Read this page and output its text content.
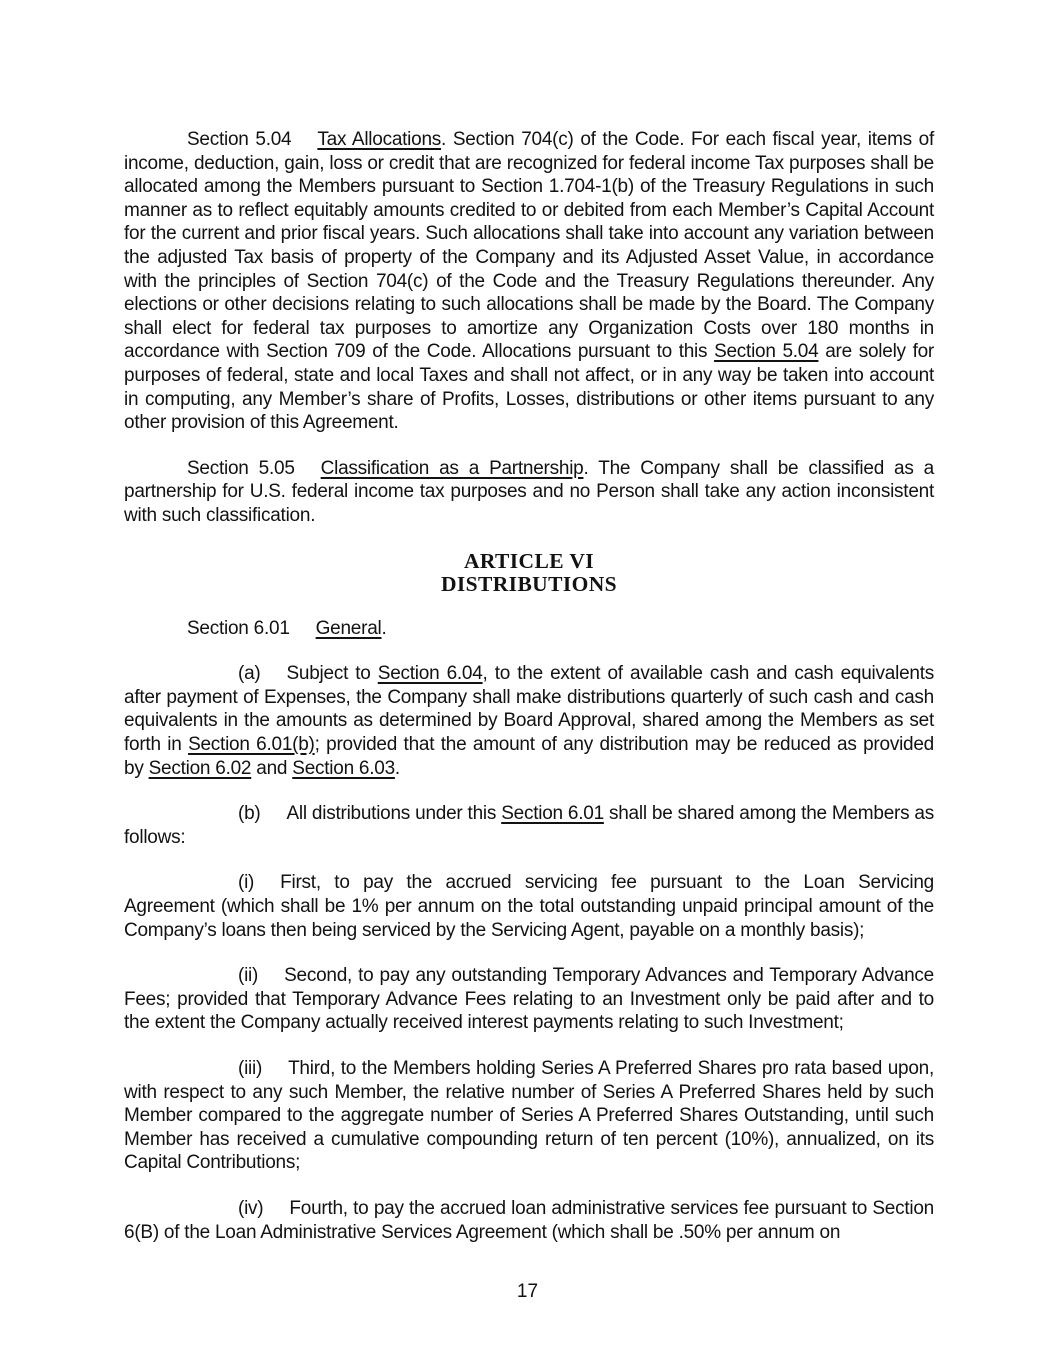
Section 5.04 Tax Allocations. Section 704(c) of the Code. For each fiscal year, items of income, deduction, gain, loss or credit that are recognized for federal income Tax purposes shall be allocated among the Members pursuant to Section 1.704-1(b) of the Treasury Regulations in such manner as to reflect equitably amounts credited to or debited from each Member’s Capital Account for the current and prior fiscal years. Such allocations shall take into account any variation between the adjusted Tax basis of property of the Company and its Adjusted Asset Value, in accordance with the principles of Section 704(c) of the Code and the Treasury Regulations thereunder. Any elections or other decisions relating to such allocations shall be made by the Board. The Company shall elect for federal tax purposes to amortize any Organization Costs over 180 months in accordance with Section 709 of the Code. Allocations pursuant to this Section 5.04 are solely for purposes of federal, state and local Taxes and shall not affect, or in any way be taken into account in computing, any Member’s share of Profits, Losses, distributions or other items pursuant to any other provision of this Agreement.

Section 5.05 Classification as a Partnership. The Company shall be classified as a partnership for U.S. federal income tax purposes and no Person shall take any action inconsistent with such classification.

ARTICLE VI
DISTRIBUTIONS

Section 6.01 General.

(a) Subject to Section 6.04, to the extent of available cash and cash equivalents after payment of Expenses, the Company shall make distributions quarterly of such cash and cash equivalents in the amounts as determined by Board Approval, shared among the Members as set forth in Section 6.01(b); provided that the amount of any distribution may be reduced as provided by Section 6.02 and Section 6.03.

(b) All distributions under this Section 6.01 shall be shared among the Members as follows:

(i) First, to pay the accrued servicing fee pursuant to the Loan Servicing Agreement (which shall be 1% per annum on the total outstanding unpaid principal amount of the Company’s loans then being serviced by the Servicing Agent, payable on a monthly basis);

(ii) Second, to pay any outstanding Temporary Advances and Temporary Advance Fees; provided that Temporary Advance Fees relating to an Investment only be paid after and to the extent the Company actually received interest payments relating to such Investment;

(iii) Third, to the Members holding Series A Preferred Shares pro rata based upon, with respect to any such Member, the relative number of Series A Preferred Shares held by such Member compared to the aggregate number of Series A Preferred Shares Outstanding, until such Member has received a cumulative compounding return of ten percent (10%), annualized, on its Capital Contributions;

(iv) Fourth, to pay the accrued loan administrative services fee pursuant to Section 6(B) of the Loan Administrative Services Agreement (which shall be .50% per annum on

17
